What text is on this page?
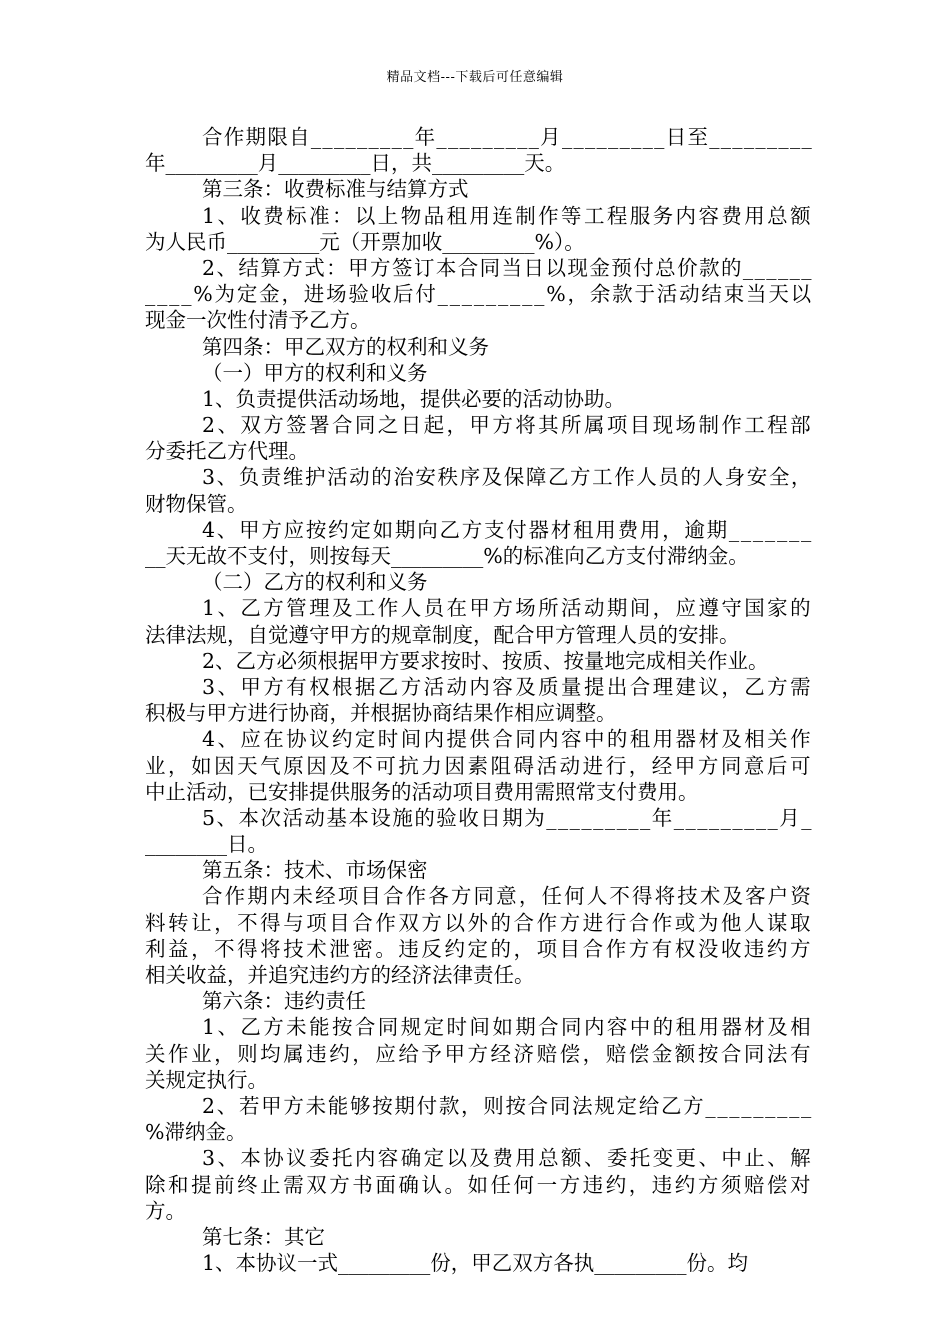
精品文档---下载后可任意编辑
合作期限自_________年_________月_________日至_________
年_________月_________日，共_________天。
第三条：收费标准与结算方式
1、收费标准：以上物品租用连制作等工程服务内容费用总额
为人民币_________元（开票加收_________%）。
2、结算方式：甲方签订本合同当日以现金预付总价款的______
____%为定金，进场验收后付_________%，余款于活动结束当天以
现金一次性付清予乙方。
第四条：甲乙双方的权利和义务
（一）甲方的权利和义务
1、负责提供活动场地，提供必要的活动协助。
2、双方签署合同之日起，甲方将其所属项目现场制作工程部
分委托乙方代理。
3、负责维护活动的治安秩序及保障乙方工作人员的人身安全，
财物保管。
4、甲方应按约定如期向乙方支付器材租用费用，逾期_______
__天无故不支付，则按每天_________%的标准向乙方支付滞纳金。
（二）乙方的权利和义务
1、乙方管理及工作人员在甲方场所活动期间，应遵守国家的
法律法规，自觉遵守甲方的规章制度，配合甲方管理人员的安排。
2、乙方必须根据甲方要求按时、按质、按量地完成相关作业。
3、甲方有权根据乙方活动内容及质量提出合理建议，乙方需
积极与甲方进行协商，并根据协商结果作相应调整。
4、应在协议约定时间内提供合同内容中的租用器材及相关作
业，如因天气原因及不可抗力因素阻碍活动进行，经甲方同意后可
中止活动，已安排提供服务的活动项目费用需照常支付费用。
5、本次活动基本设施的验收日期为_________年_________月_
________日。
第五条：技术、市场保密
合作期内未经项目合作各方同意，任何人不得将技术及客户资
料转让，不得与项目合作双方以外的合作方进行合作或为他人谋取
利益，不得将技术泄密。违反约定的，项目合作方有权没收违约方
相关收益，并追究违约方的经济法律责任。
第六条：违约责任
1、乙方未能按合同规定时间如期合同内容中的租用器材及相
关作业，则均属违约，应给予甲方经济赔偿，赔偿金额按合同法有
关规定执行。
2、若甲方未能够按期付款，则按合同法规定给乙方_________
%滞纳金。
3、本协议委托内容确定以及费用总额、委托变更、中止、解
除和提前终止需双方书面确认。如任何一方违约，违约方须赔偿对
方。
第七条：其它
1、本协议一式_________份，甲乙双方各执_________份。均
